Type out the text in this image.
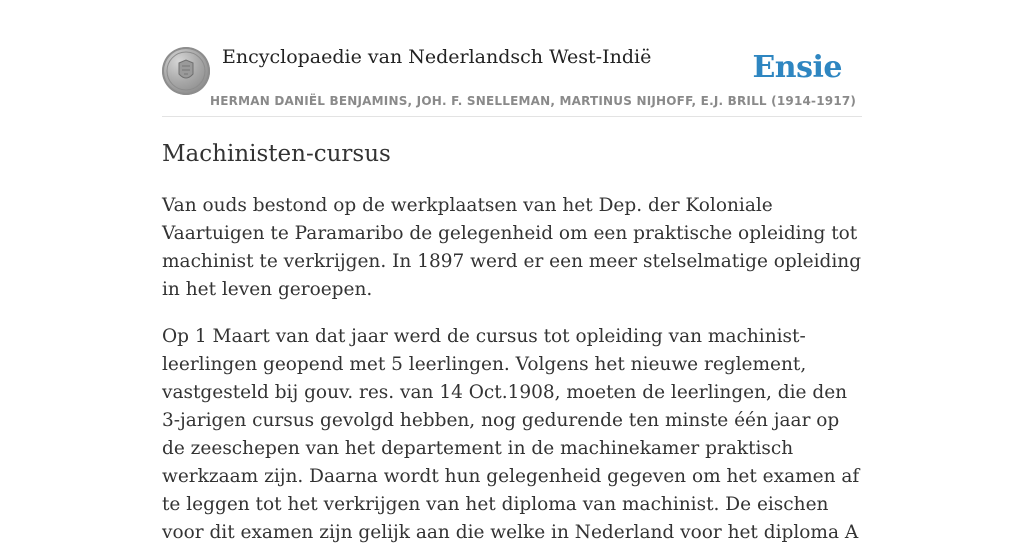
Encyclopaedie van Nederlandsch West-Indië	Ensie
HERMAN DANIËL BENJAMINS, JOH. F. SNELLEMAN, MARTINUS NIJHOFF, E.J. BRILL (1914-1917)
Machinisten-cursus

Van ouds bestond op de werkplaatsen van het Dep. der Koloniale Vaartuigen te Paramaribo de gelegenheid om een praktische opleiding tot machinist te verkrijgen. In 1897 werd er een meer stelselmatige opleiding in het leven geroepen.

Op 1 Maart van dat jaar werd de cursus tot opleiding van machinist-leerlingen geopend met 5 leerlingen. Volgens het nieuwe reglement, vastgesteld bij gouv. res. van 14 Oct.1908, moeten de leerlingen, die den 3-jarigen cursus gevolgd hebben, nog gedurende ten minste één jaar op de zeeschepen van het departement in de machinekamer praktisch werkzaam zijn. Daarna wordt hun gelegenheid gegeven om het examen af te leggen tot het verkrijgen van het diploma van machinist. De eischen voor dit examen zijn gelijk aan die welke in Nederland voor het diploma A
